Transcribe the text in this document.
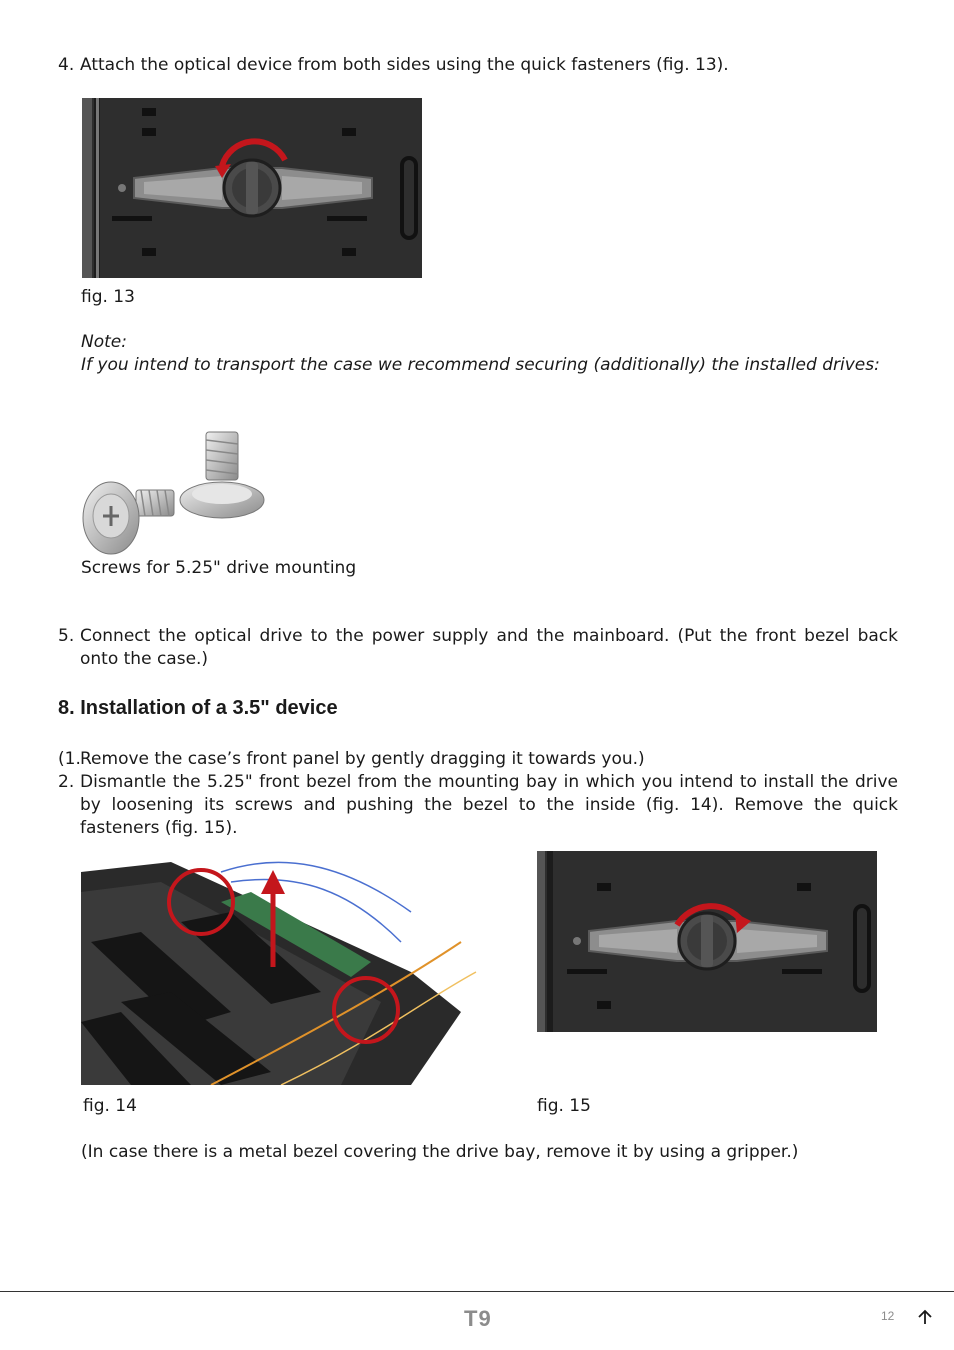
4. Attach the optical device from both sides using the quick fasteners (fig. 13).
fig. 13
Note:
If you intend to transport the case we recommend securing (additionally) the installed drives:
Screws for 5.25" drive mounting
5. Connect the optical drive to the power supply and the mainboard. (Put the front bezel back onto the case.)
8. Installation of a 3.5" device
(1. Remove the case’s front panel by gently dragging it towards you.)
2. Dismantle the 5.25" front bezel from the mounting bay in which you intend to install the drive by loosening its screws and pushing the bezel to the inside (fig. 14). Remove the quick fasteners (fig. 15).
fig. 14	fig. 15
(In case there is a metal bezel covering the drive bay, remove it by using a gripper.)
T9	12
